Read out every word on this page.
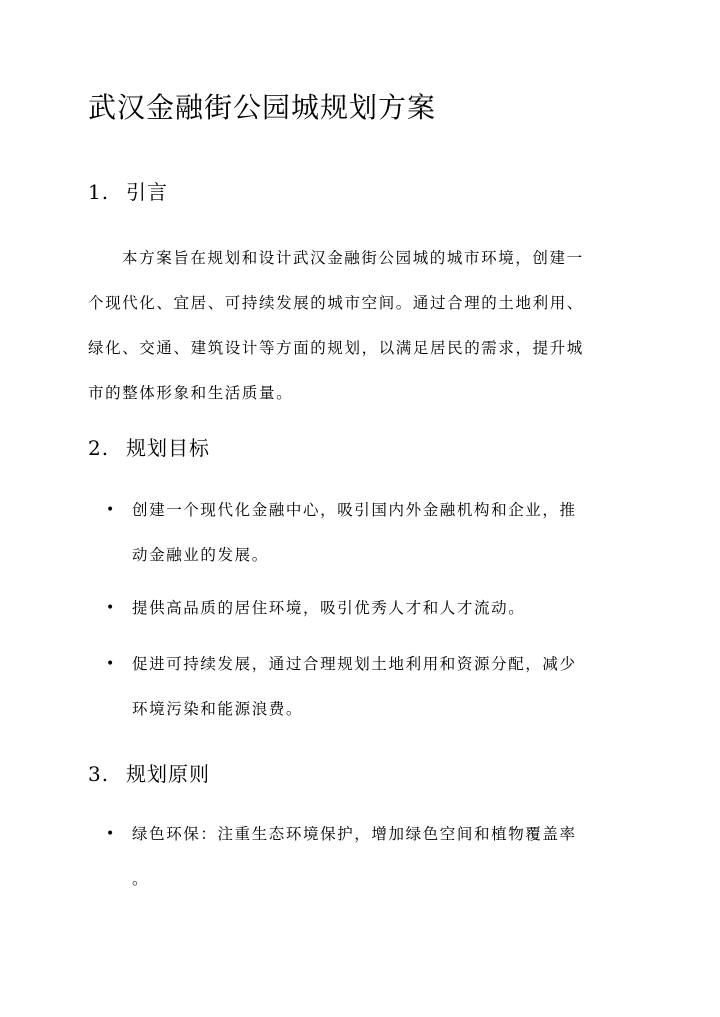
武汉金融街公园城规划方案
1. 引言

本方案旨在规划和设计武汉金融街公园城的城市环境，创建一
个现代化、宜居、可持续发展的城市空间。通过合理的土地利用、
绿化、交通、建筑设计等方面的规划，以满足居民的需求，提升城
市的整体形象和生活质量。

2. 规划目标
•	创建一个现代化金融中心，吸引国内外金融机构和企业，推
动金融业的发展。
•	提供高品质的居住环境，吸引优秀人才和人才流动。
•	促进可持续发展，通过合理规划土地利用和资源分配，减少
环境污染和能源浪费。
3. 规划原则
•	绿色环保：注重生态环境保护，增加绿色空间和植物覆盖率
。
